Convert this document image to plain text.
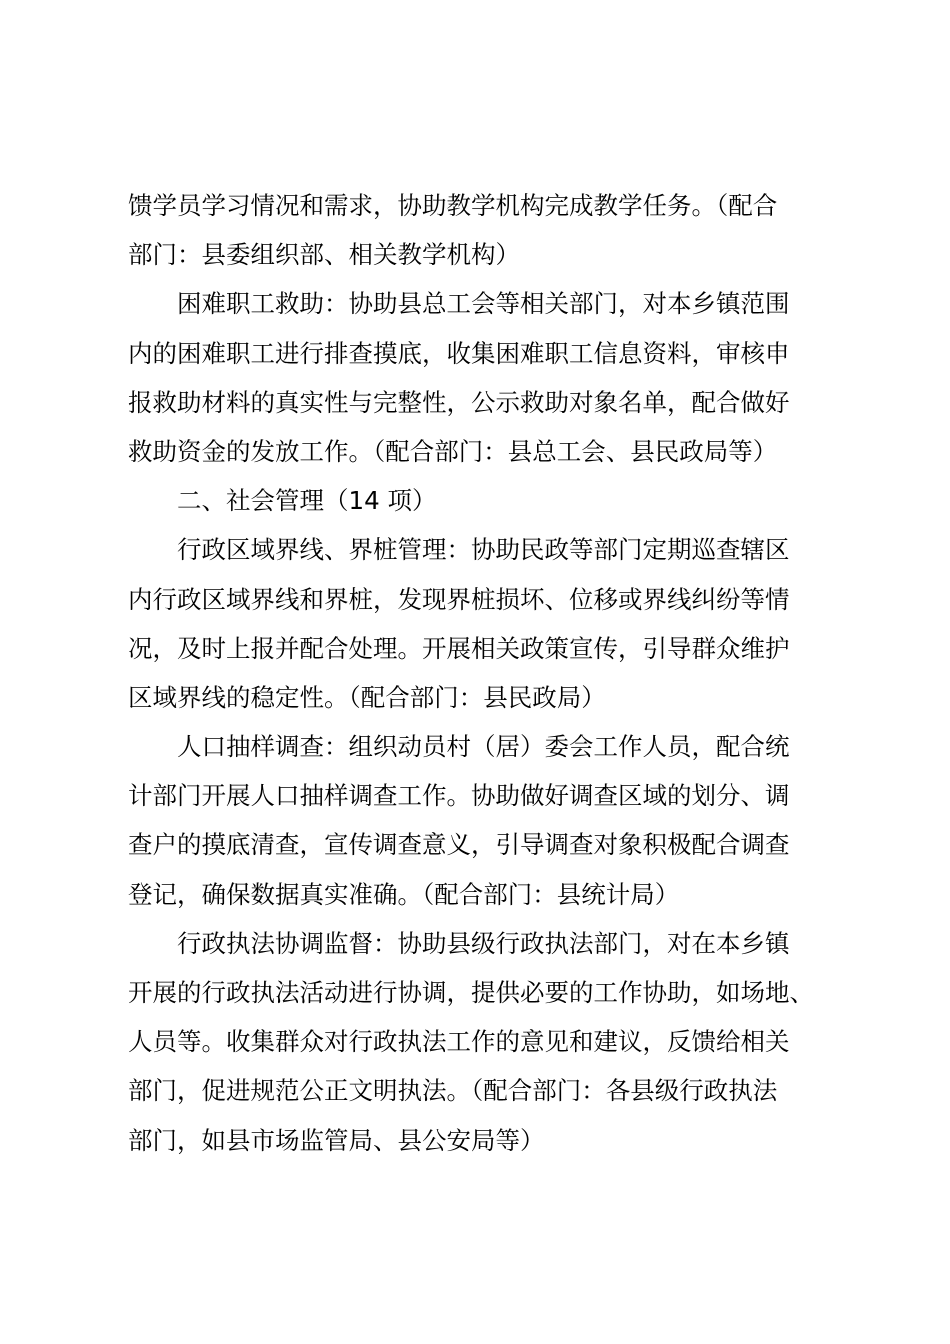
馈学员学习情况和需求，协助教学机构完成教学任务。（配合
部门：县委组织部、相关教学机构）
　　困难职工救助：协助县总工会等相关部门，对本乡镇范围
内的困难职工进行排查摸底，收集困难职工信息资料，审核申
报救助材料的真实性与完整性，公示救助对象名单，配合做好
救助资金的发放工作。（配合部门：县总工会、县民政局等）
　　二、社会管理（14 项）
　　行政区域界线、界桩管理：协助民政等部门定期巡查辖区
内行政区域界线和界桩，发现界桩损坏、位移或界线纠纷等情
况，及时上报并配合处理。开展相关政策宣传，引导群众维护
区域界线的稳定性。（配合部门：县民政局）
　　人口抽样调查：组织动员村（居）委会工作人员，配合统
计部门开展人口抽样调查工作。协助做好调查区域的划分、调
查户的摸底清查，宣传调查意义，引导调查对象积极配合调查
登记，确保数据真实准确。（配合部门：县统计局）
　　行政执法协调监督：协助县级行政执法部门，对在本乡镇
开展的行政执法活动进行协调，提供必要的工作协助，如场地、
人员等。收集群众对行政执法工作的意见和建议，反馈给相关
部门，促进规范公正文明执法。（配合部门：各县级行政执法
部门，如县市场监管局、县公安局等）
